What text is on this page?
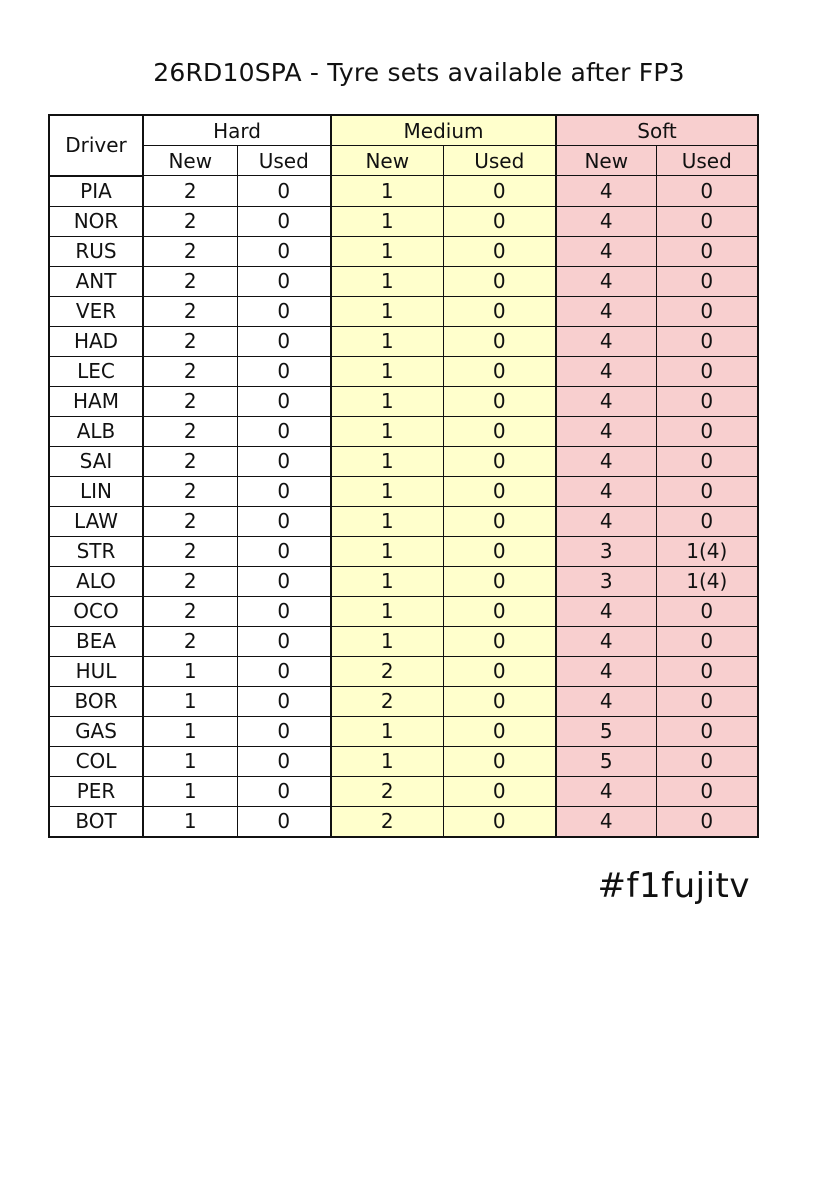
26RD10SPA - Tyre sets available after FP3
Driver	Hard		Medium		Soft	
	New	Used	New	Used	New	Used
PIA	2	0	1	0	4	0
NOR	2	0	1	0	4	0
RUS	2	0	1	0	4	0
ANT	2	0	1	0	4	0
VER	2	0	1	0	4	0
HAD	2	0	1	0	4	0
LEC	2	0	1	0	4	0
HAM	2	0	1	0	4	0
ALB	2	0	1	0	4	0
SAI	2	0	1	0	4	0
LIN	2	0	1	0	4	0
LAW	2	0	1	0	4	0
STR	2	0	1	0	3	1(4)
ALO	2	0	1	0	3	1(4)
OCO	2	0	1	0	4	0
BEA	2	0	1	0	4	0
HUL	1	0	2	0	4	0
BOR	1	0	2	0	4	0
GAS	1	0	1	0	5	0
COL	1	0	1	0	5	0
PER	1	0	2	0	4	0
BOT	1	0	2	0	4	0
#f1fujitv
